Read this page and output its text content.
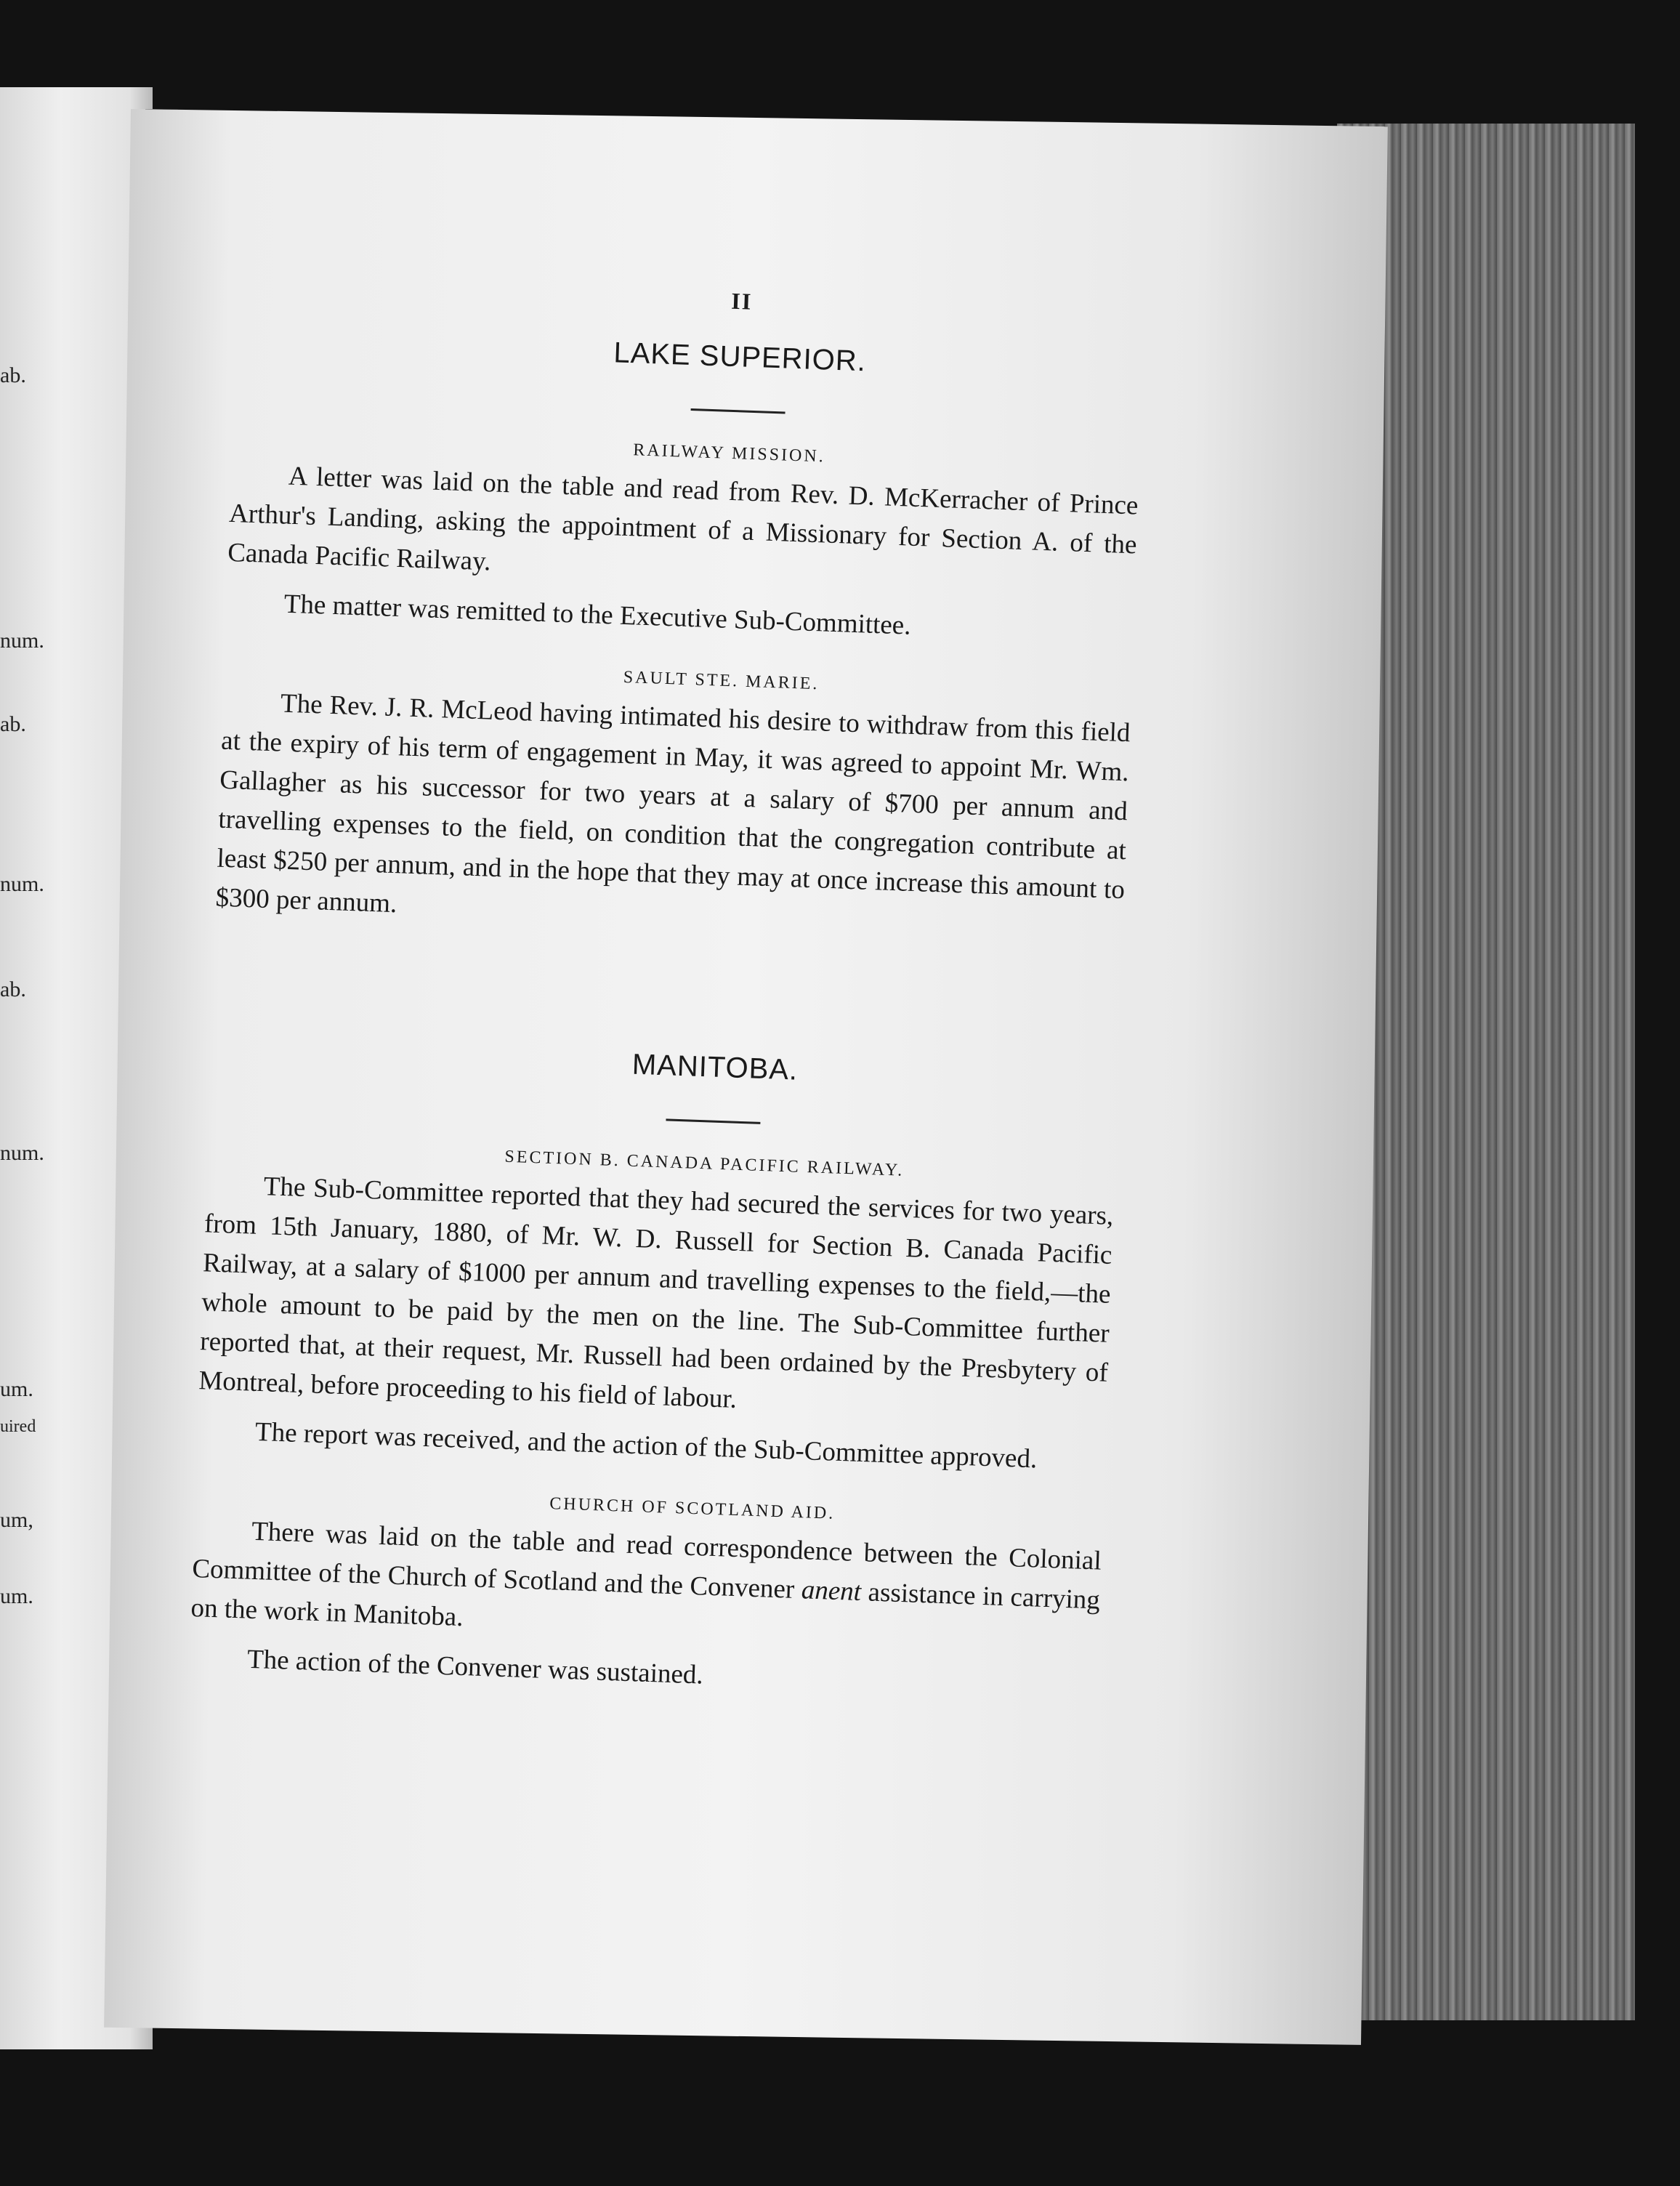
ab.
num.
ab.
num.
ab.
num.
um.
uired
um,
um.
II
LAKE SUPERIOR.
RAILWAY MISSION.

A letter was laid on the table and read from Rev. D. McKerracher of Prince Arthur's Landing, asking the appointment of a Missionary for Section A. of the Canada Pacific Railway.

The matter was remitted to the Executive Sub-Committee.

SAULT STE. MARIE.

The Rev. J. R. McLeod having intimated his desire to withdraw from this field at the expiry of his term of engagement in May, it was agreed to appoint Mr. Wm. Gallagher as his successor for two years at a salary of $700 per annum and travelling expenses to the field, on condition that the congregation contribute at least $250 per annum, and in the hope that they may at once increase this amount to $300 per annum.

MANITOBA.
SECTION B. CANADA PACIFIC RAILWAY.

The Sub-Committee reported that they had secured the services for two years, from 15th January, 1880, of Mr. W. D. Russell for Section B. Canada Pacific Railway, at a salary of $1000 per annum and travelling expenses to the field,—the whole amount to be paid by the men on the line. The Sub-Committee further reported that, at their request, Mr. Russell had been ordained by the Presbytery of Montreal, before proceeding to his field of labour.

The report was received, and the action of the Sub-Committee approved.

CHURCH OF SCOTLAND AID.

There was laid on the table and read correspondence between the Colonial Committee of the Church of Scotland and the Convener anent assistance in carrying on the work in Manitoba.

The action of the Convener was sustained.
